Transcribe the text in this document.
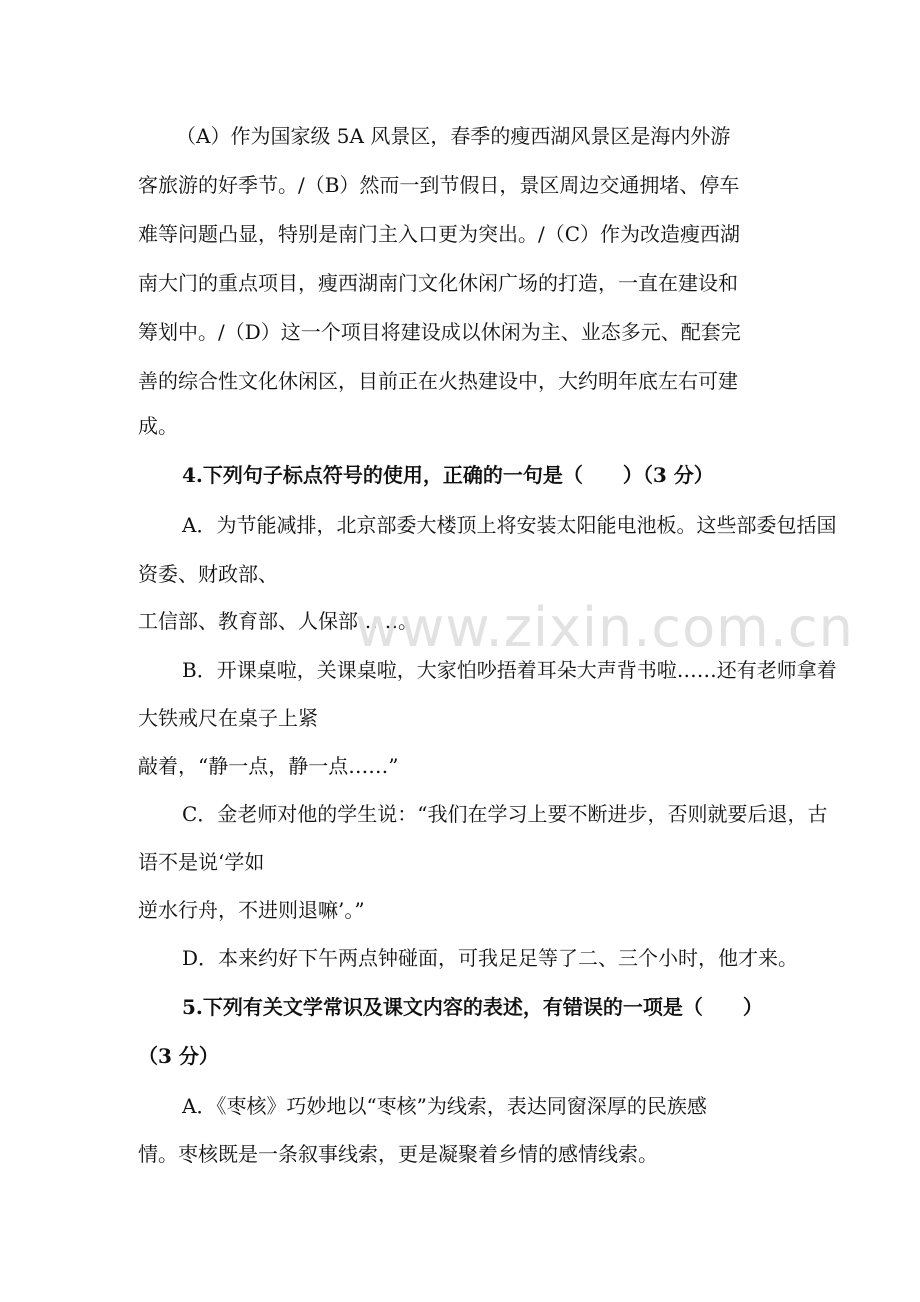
（A）作为国家级 5A 风景区，春季的瘦西湖风景区是海内外游
客旅游的好季节。/（B）然而一到节假日，景区周边交通拥堵、停车
难等问题凸显，特别是南门主入口更为突出。/（C）作为改造瘦西湖
南大门的重点项目，瘦西湖南门文化休闲广场的打造，一直在建设和
筹划中。/（D）这一个项目将建设成以休闲为主、业态多元、配套完
善的综合性文化休闲区，目前正在火热建设中，大约明年底左右可建
成。
4.下列句子标点符号的使用，正确的一句是（　　）（3 分）
A．为节能减排，北京部委大楼顶上将安装太阳能电池板。这些部委包括国
资委、财政部、
工信部、教育部、人保部……。
B．开课桌啦，关课桌啦，大家怕吵捂着耳朵大声背书啦……还有老师拿着
大铁戒尺在桌子上紧
敲着，“静一点，静一点……”
C．金老师对他的学生说：“我们在学习上要不断进步，否则就要后退，古
语不是说‘学如
逆水行舟，不进则退嘛’。”
D．本来约好下午两点钟碰面，可我足足等了二、三个小时，他才来。
5.下列有关文学常识及课文内容的表述，有错误的一项是（　　）
（3 分）
A．《枣核》巧妙地以“枣核”为线索，表达同窗深厚的民族感
情。枣核既是一条叙事线索，更是凝聚着乡情的感情线索。
www.zixin.com.cn
